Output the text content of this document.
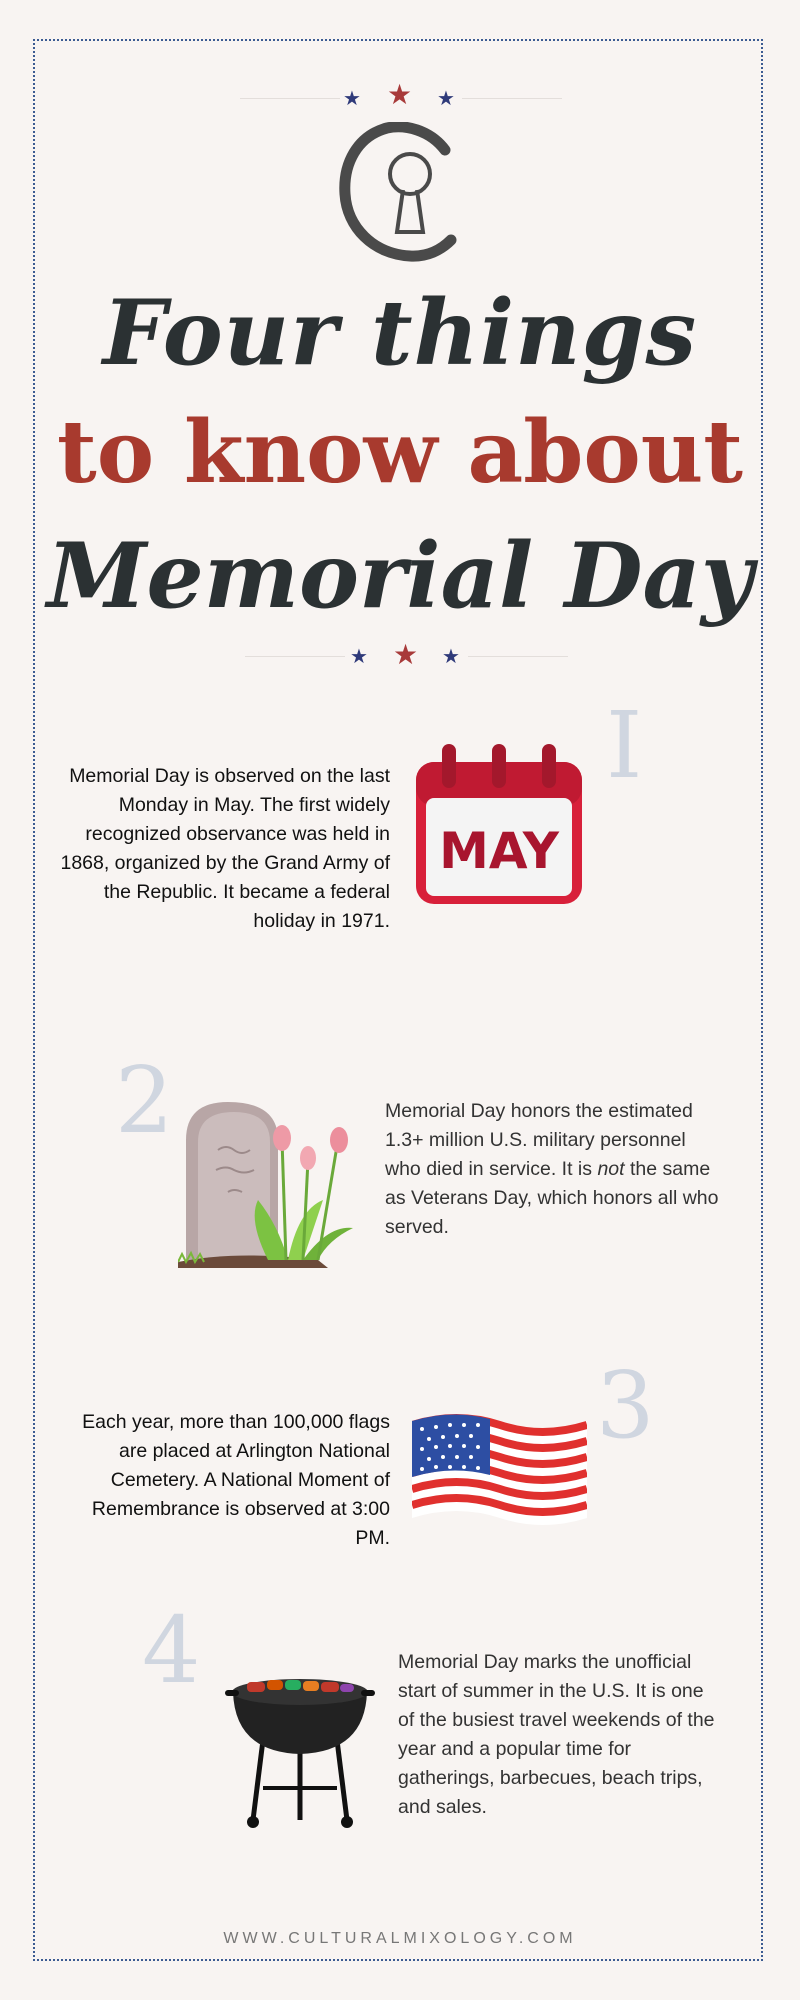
★ ★ ★
Four things
to know about
Memorial Day
★ ★ ★
Memorial Day is observed on the last Monday in May. The first widely recognized observance was held in 1868, organized by the Grand Army of the Republic. It became a federal holiday in 1971.
MAY
I
2	Memorial Day honors the estimated 1.3+ million U.S. military personnel who died in service. It is not the same as Veterans Day, which honors all who served.
Each year, more than 100,000 flags are placed at Arlington National Cemetery. A National Moment of Remembrance is observed at 3:00 PM.
3
4	Memorial Day marks the unofficial start of summer in the U.S. It is one of the busiest travel weekends of the year and a popular time for gatherings, barbecues, beach trips, and sales.
WWW.CULTURALMIXOLOGY.COM
